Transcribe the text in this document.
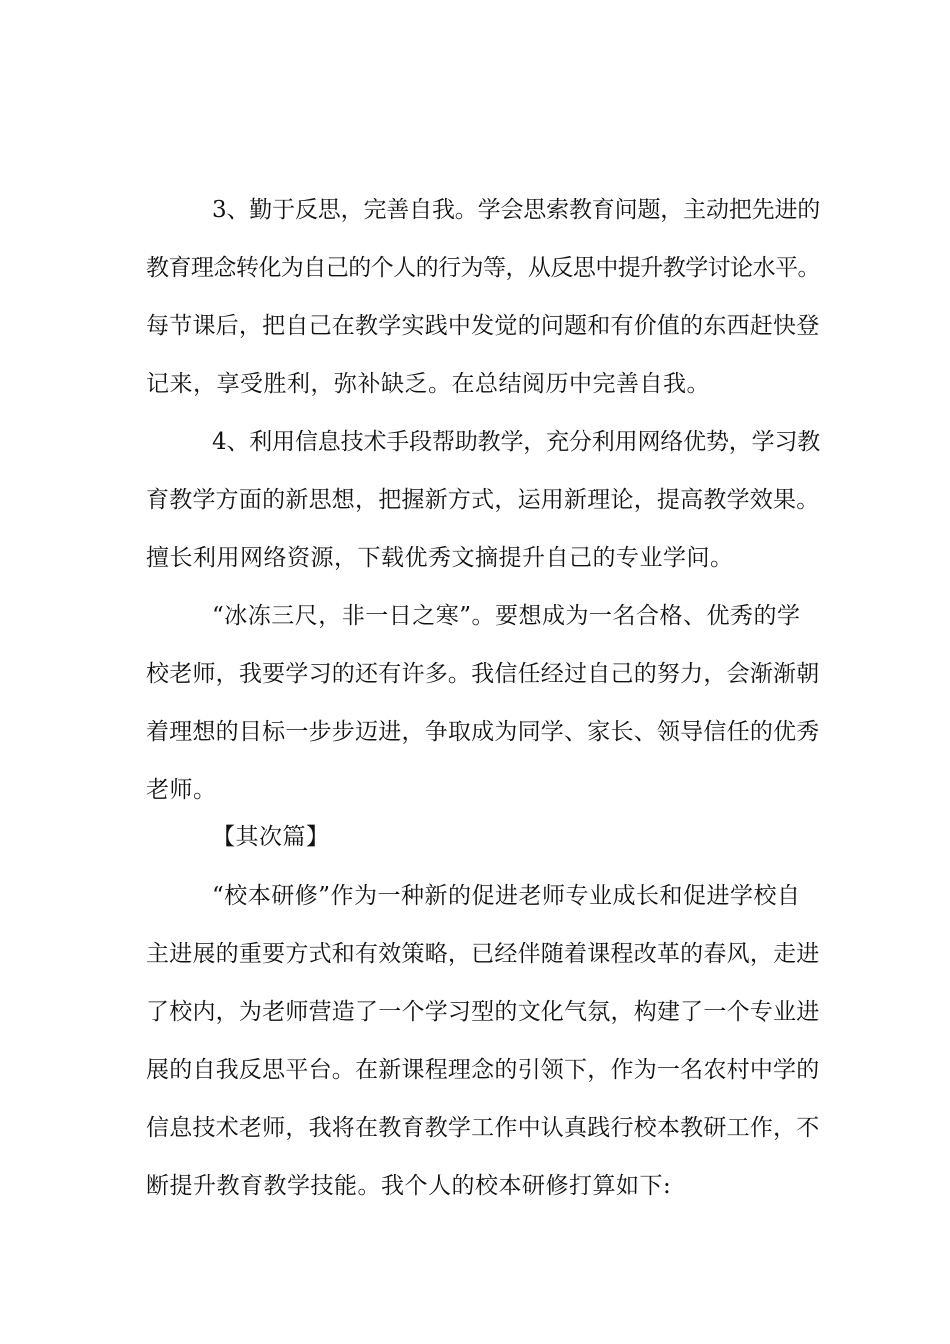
3、勤于反思，完善自我。学会思索教育问题，主动把先进的
教育理念转化为自己的个人的行为等，从反思中提升教学讨论水平。
每节课后，把自己在教学实践中发觉的问题和有价值的东西赶快登
记来，享受胜利，弥补缺乏。在总结阅历中完善自我。
4、利用信息技术手段帮助教学，充分利用网络优势，学习教
育教学方面的新思想，把握新方式，运用新理论，提高教学效果。
擅长利用网络资源，下载优秀文摘提升自己的专业学问。
“冰冻三尺，非一日之寒”。要想成为一名合格、优秀的学
校老师，我要学习的还有许多。我信任经过自己的努力，会渐渐朝
着理想的目标一步步迈进，争取成为同学、家长、领导信任的优秀
老师。
【其次篇】
“校本研修”作为一种新的促进老师专业成长和促进学校自
主进展的重要方式和有效策略，已经伴随着课程改革的春风，走进
了校内，为老师营造了一个学习型的文化气氛，构建了一个专业进
展的自我反思平台。在新课程理念的引领下，作为一名农村中学的
信息技术老师，我将在教育教学工作中认真践行校本教研工作，不
断提升教育教学技能。我个人的校本研修打算如下:
